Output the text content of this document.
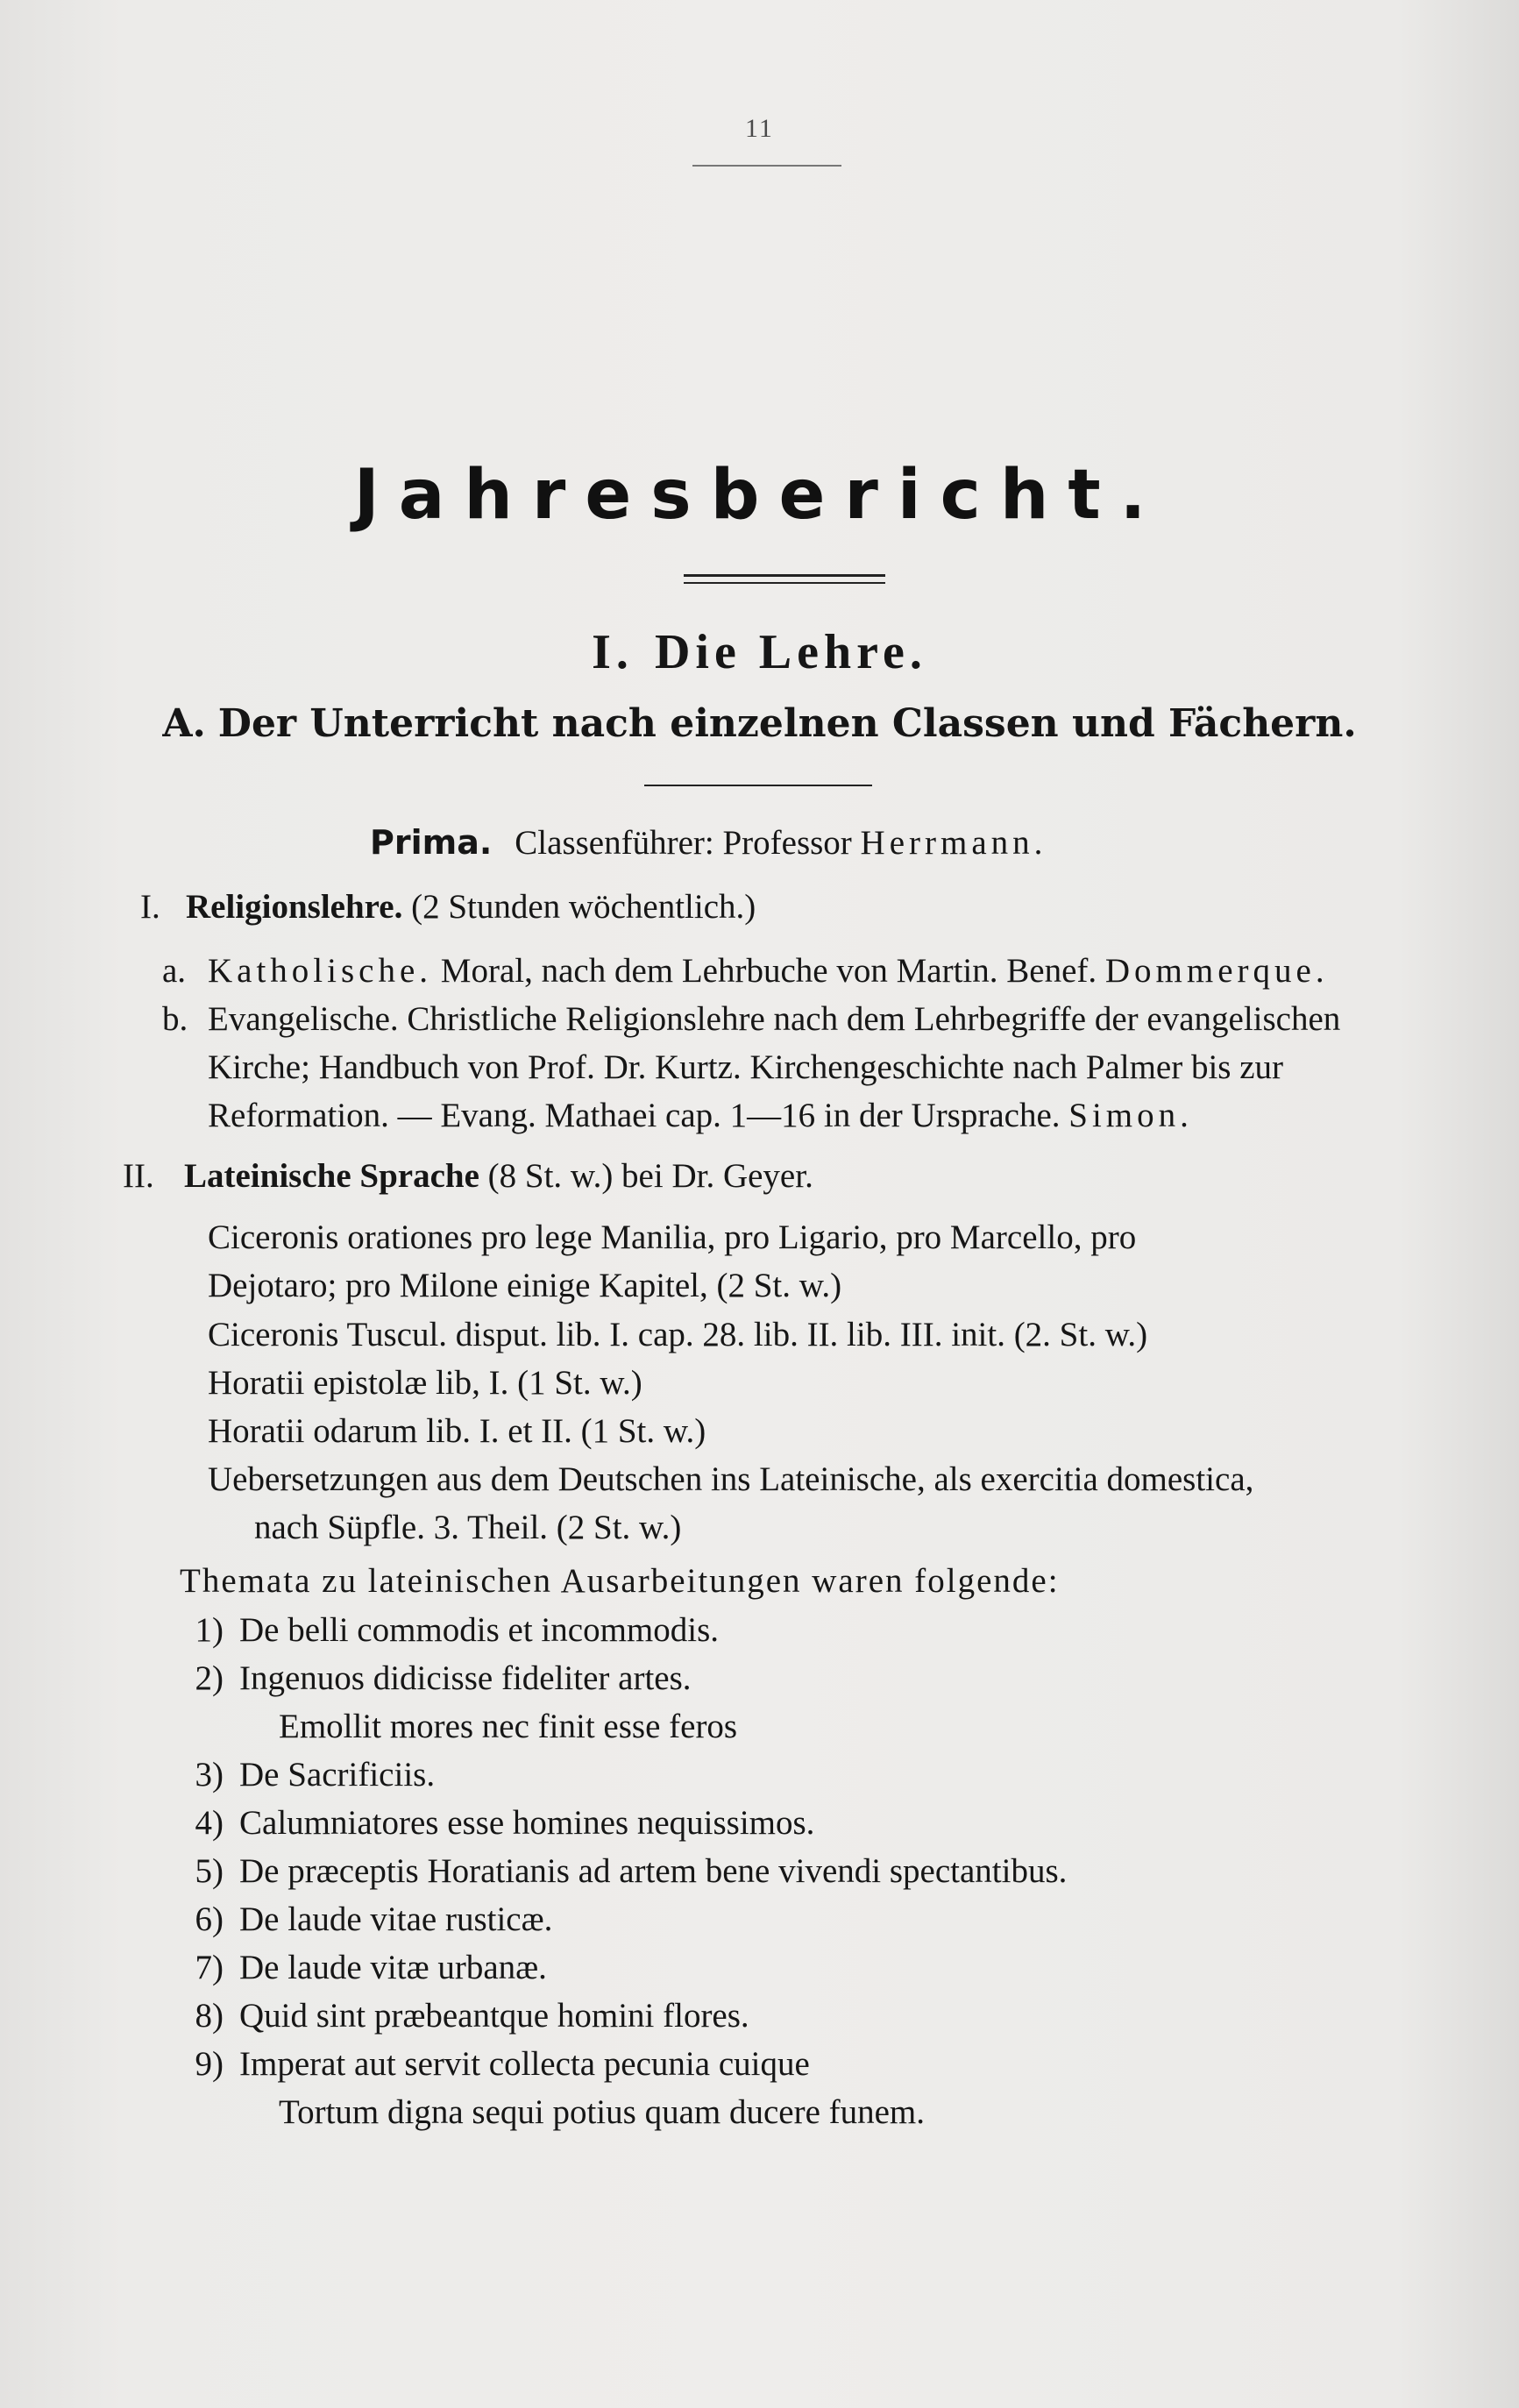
11
Jahresbericht.
I. Die Lehre.
A. Der Unterricht nach einzelnen Classen und Fächern.
Prima. Classenführer: Professor Herrmann.
I. Religionslehre. (2 Stunden wöchentlich.)
a. Katholische. Moral, nach dem Lehrbuche von Martin. Benef. Dommerque.
b. Evangelische. Christliche Religionslehre nach dem Lehrbegriffe der evangelischen
Kirche; Handbuch von Prof. Dr. Kurtz. Kirchengeschichte nach Palmer bis zur
Reformation. — Evang. Mathaei cap. 1—16 in der Ursprache. Simon.
II. Lateinische Sprache (8 St. w.) bei Dr. Geyer.
Ciceronis orationes pro lege Manilia, pro Ligario, pro Marcello, pro
Dejotaro; pro Milone einige Kapitel, (2 St. w.)
Ciceronis Tuscul. disput. lib. I. cap. 28. lib. II. lib. III. init. (2. St. w.)
Horatii epistolæ lib, I. (1 St. w.)
Horatii odarum lib. I. et II. (1 St. w.)
Uebersetzungen aus dem Deutschen ins Lateinische, als exercitia domestica,
nach Süpfle. 3. Theil. (2 St. w.)
Themata zu lateinischen Ausarbeitungen waren folgende:
1) De belli commodis et incommodis.
2) Ingenuos didicisse fideliter artes.
Emollit mores nec finit esse feros
3) De Sacrificiis.
4) Calumniatores esse homines nequissimos.
5) De præceptis Horatianis ad artem bene vivendi spectantibus.
6) De laude vitae rusticæ.
7) De laude vitæ urbanæ.
8) Quid sint præbeantque homini flores.
9) Imperat aut servit collecta pecunia cuique
Tortum digna sequi potius quam ducere funem.
